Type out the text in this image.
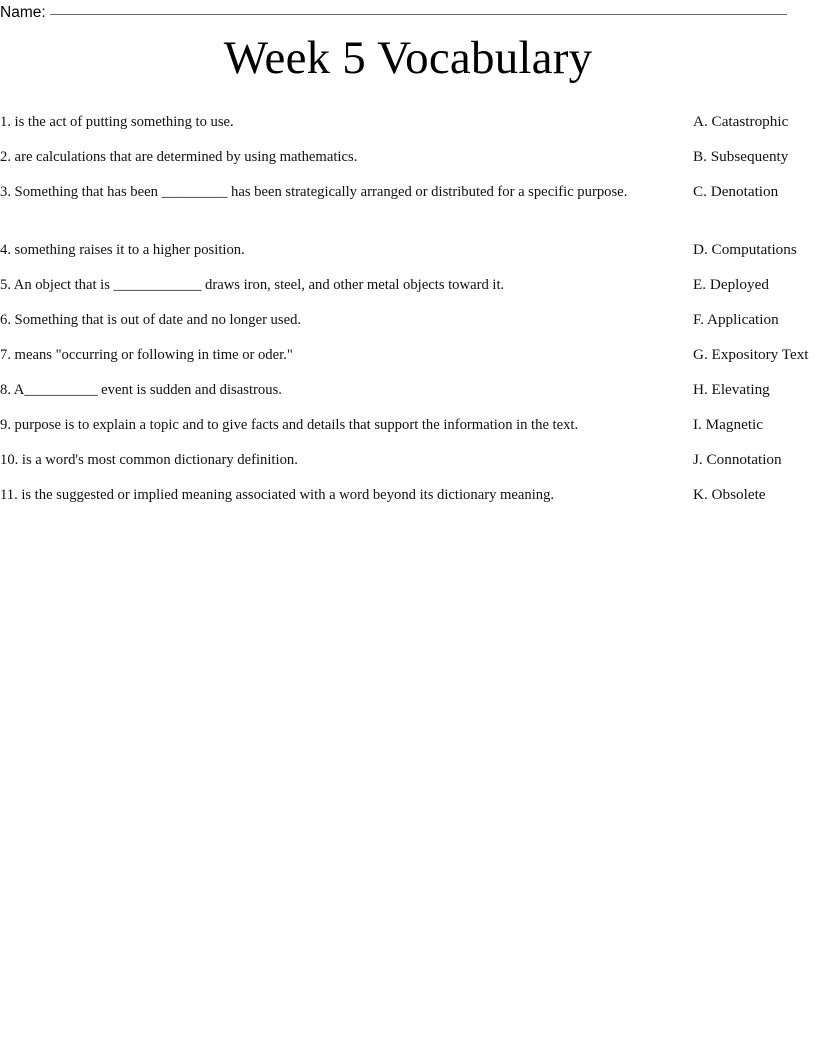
Name:
Week 5 Vocabulary
1. is the act of putting something to use.	A. Catastrophic
2. are calculations that are determined by using mathematics.	B. Subsequenty
3. Something that has been _________ has been strategically arranged or distributed for a specific purpose.	C. Denotation
4. something raises it to a higher position.	D. Computations
5. An object that is ____________ draws iron, steel, and other metal objects toward it.	E. Deployed
6. Something that is out of date and no longer used.	F. Application
7. means "occurring or following in time or oder."	G. Expository Text
8. A__________ event is sudden and disastrous.	H. Elevating
9. purpose is to explain a topic and to give facts and details that support the information in the text.	I. Magnetic
10. is a word's most common dictionary definition.	J. Connotation
11. is the suggested or implied meaning associated with a word beyond its dictionary meaning.	K. Obsolete
